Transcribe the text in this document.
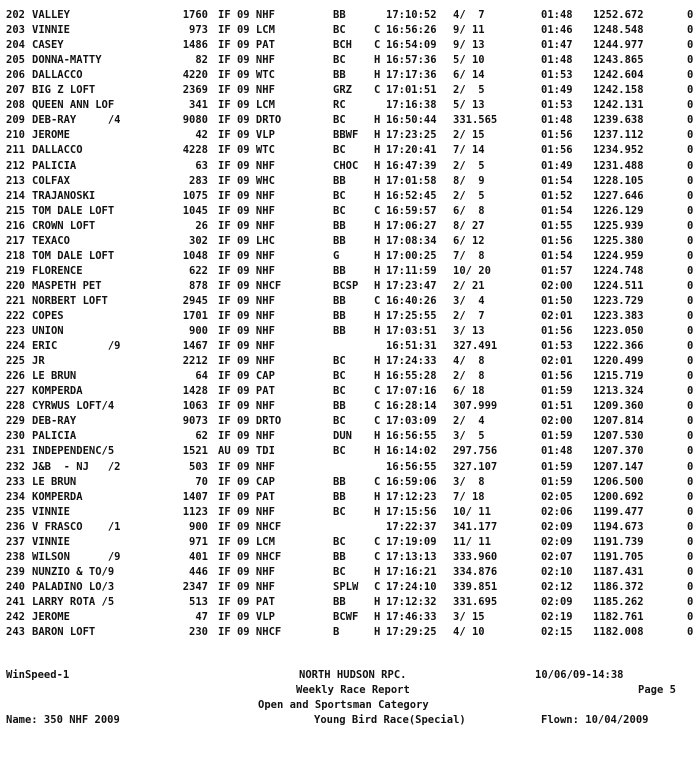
202 VALLEY	1760 IF 09 NHF	BB	17:10:52 4/  7	01:48 1252.672	0
203 VINNIE	973 IF 09 LCM	BC	C 16:56:26 9/ 11	01:46 1248.548	0
204 CASEY	1486 IF 09 PAT	BCH C 16:54:09 9/ 13	01:47 1244.977	0
205 DONNA-MATTY	82 IF 09 NHF	BC	H 16:57:36 5/ 10	01:48 1243.865	0
206 DALLACCO	4220 IF 09 WTC	BB	H 17:17:36 6/ 14	01:53 1242.604	0
207 BIG Z LOFT	2369 IF 09 NHF	GRZ C 17:01:51 2/  5	01:49 1242.158	0
208 QUEEN ANN LOF	341 IF 09 LCM	RC	17:16:38 5/ 13	01:53 1242.131	0
209 DEB-RAY     /4	9080 IF 09 DRTO	BC	H 16:50:44 331.565	01:48 1239.638	0
210 JEROME	42 IF 09 VLP	BBWF H 17:23:25 2/ 15	01:56 1237.112	0
211 DALLACCO	4228 IF 09 WTC	BC	H 17:20:41 7/ 14	01:56 1234.952	0
212 PALICIA	63 IF 09 NHF	CHOC H 16:47:39 2/  5	01:49 1231.488	0
213 COLFAX	283 IF 09 WHC	BB	H 17:01:58 8/  9	01:54 1228.105	0
214 TRAJANOSKI	1075 IF 09 NHF	BC	H 16:52:45 2/  5	01:52 1227.646	0
215 TOM DALE LOFT	1045 IF 09 NHF	BC	C 16:59:57 6/  8	01:54 1226.129	0
216 CROWN LOFT	26 IF 09 NHF	BB	H 17:06:27 8/ 27	01:55 1225.939	0
217 TEXACO	302 IF 09 LHC	BB	H 17:08:34 6/ 12	01:56 1225.380	0
218 TOM DALE LOFT	1048 IF 09 NHF	G	H 17:00:25 7/  8	01:54 1224.959	0
219 FLORENCE	622 IF 09 NHF	BB	H 17:11:59 10/ 20	01:57 1224.748	0
220 MASPETH PET	878 IF 09 NHCF	BCSP H 17:23:47 2/ 21	02:00 1224.511	0
221 NORBERT LOFT	2945 IF 09 NHF	BB	C 16:40:26 3/  4	01:50 1223.729	0
222 COPES	1701 IF 09 NHF	BB	H 17:25:55 2/  7	02:01 1223.383	0
223 UNION	900 IF 09 NHF	BB	H 17:03:51 3/ 13	01:56 1223.050	0
224 ERIC        /9	1467 IF 09 NHF	16:51:31 327.491	01:53 1222.366	0
225 JR	2212 IF 09 NHF	BC	H 17:24:33 4/  8	02:01 1220.499	0
226 LE BRUN	64 IF 09 CAP	BC	H 16:55:28 2/  8	01:56 1215.719	0
227 KOMPERDA	1428 IF 09 PAT	BC	C 17:07:16 6/ 18	01:59 1213.324	0
228 CYRWUS LOFT/4	1063 IF 09 NHF	BB	C 16:28:14 307.999	01:51 1209.360	0
229 DEB-RAY	9073 IF 09 DRTO	BC	C 17:03:09 2/  4	02:00 1207.814	0
230 PALICIA	62 IF 09 NHF	DUN H 16:56:55 3/  5	01:59 1207.530	0
231 INDEPENDENC/5	1521 AU 09 TDI	BC	H 16:14:02 297.756	01:48 1207.370	0
232 J&B  - NJ   /2	503 IF 09 NHF	16:56:55 327.107	01:59 1207.147	0
233 LE BRUN	70 IF 09 CAP	BB	C 16:59:06 3/  8	01:59 1206.500	0
234 KOMPERDA	1407 IF 09 PAT	BB	H 17:12:23 7/ 18	02:05 1200.692	0
235 VINNIE	1123 IF 09 NHF	BC	H 17:15:56 10/ 11	02:06 1199.477	0
236 V FRASCO    /1	900 IF 09 NHCF	17:22:37 341.177	02:09 1194.673	0
237 VINNIE	971 IF 09 LCM	BC	C 17:19:09 11/ 11	02:09 1191.739	0
238 WILSON      /9	401 IF 09 NHCF	BB	C 17:13:13 333.960	02:07 1191.705	0
239 NUNZIO & TO/9	446 IF 09 NHF	BC	H 17:16:21 334.876	02:10 1187.431	0
240 PALADINO LO/3	2347 IF 09 NHF	SPLW C 17:24:10 339.851	02:12 1186.372	0
241 LARRY ROTA /5	513 IF 09 PAT	BB	H 17:12:32 331.695	02:09 1185.262	0
242 JEROME	47 IF 09 VLP	BCWF H 17:46:33 3/ 15	02:19 1182.761	0
243 BARON LOFT	230 IF 09 NHCF	B	H 17:29:25 4/ 10	02:15 1182.008	0

WinSpeed-1

	NORTH HUDSON RPC.

	10/06/09-14:38

Weekly Race Report

	Page 5

Open and Sportsman Category

Name: 350 NHF 2009

	Young Bird Race(Special)

	Flown: 10/04/2009
